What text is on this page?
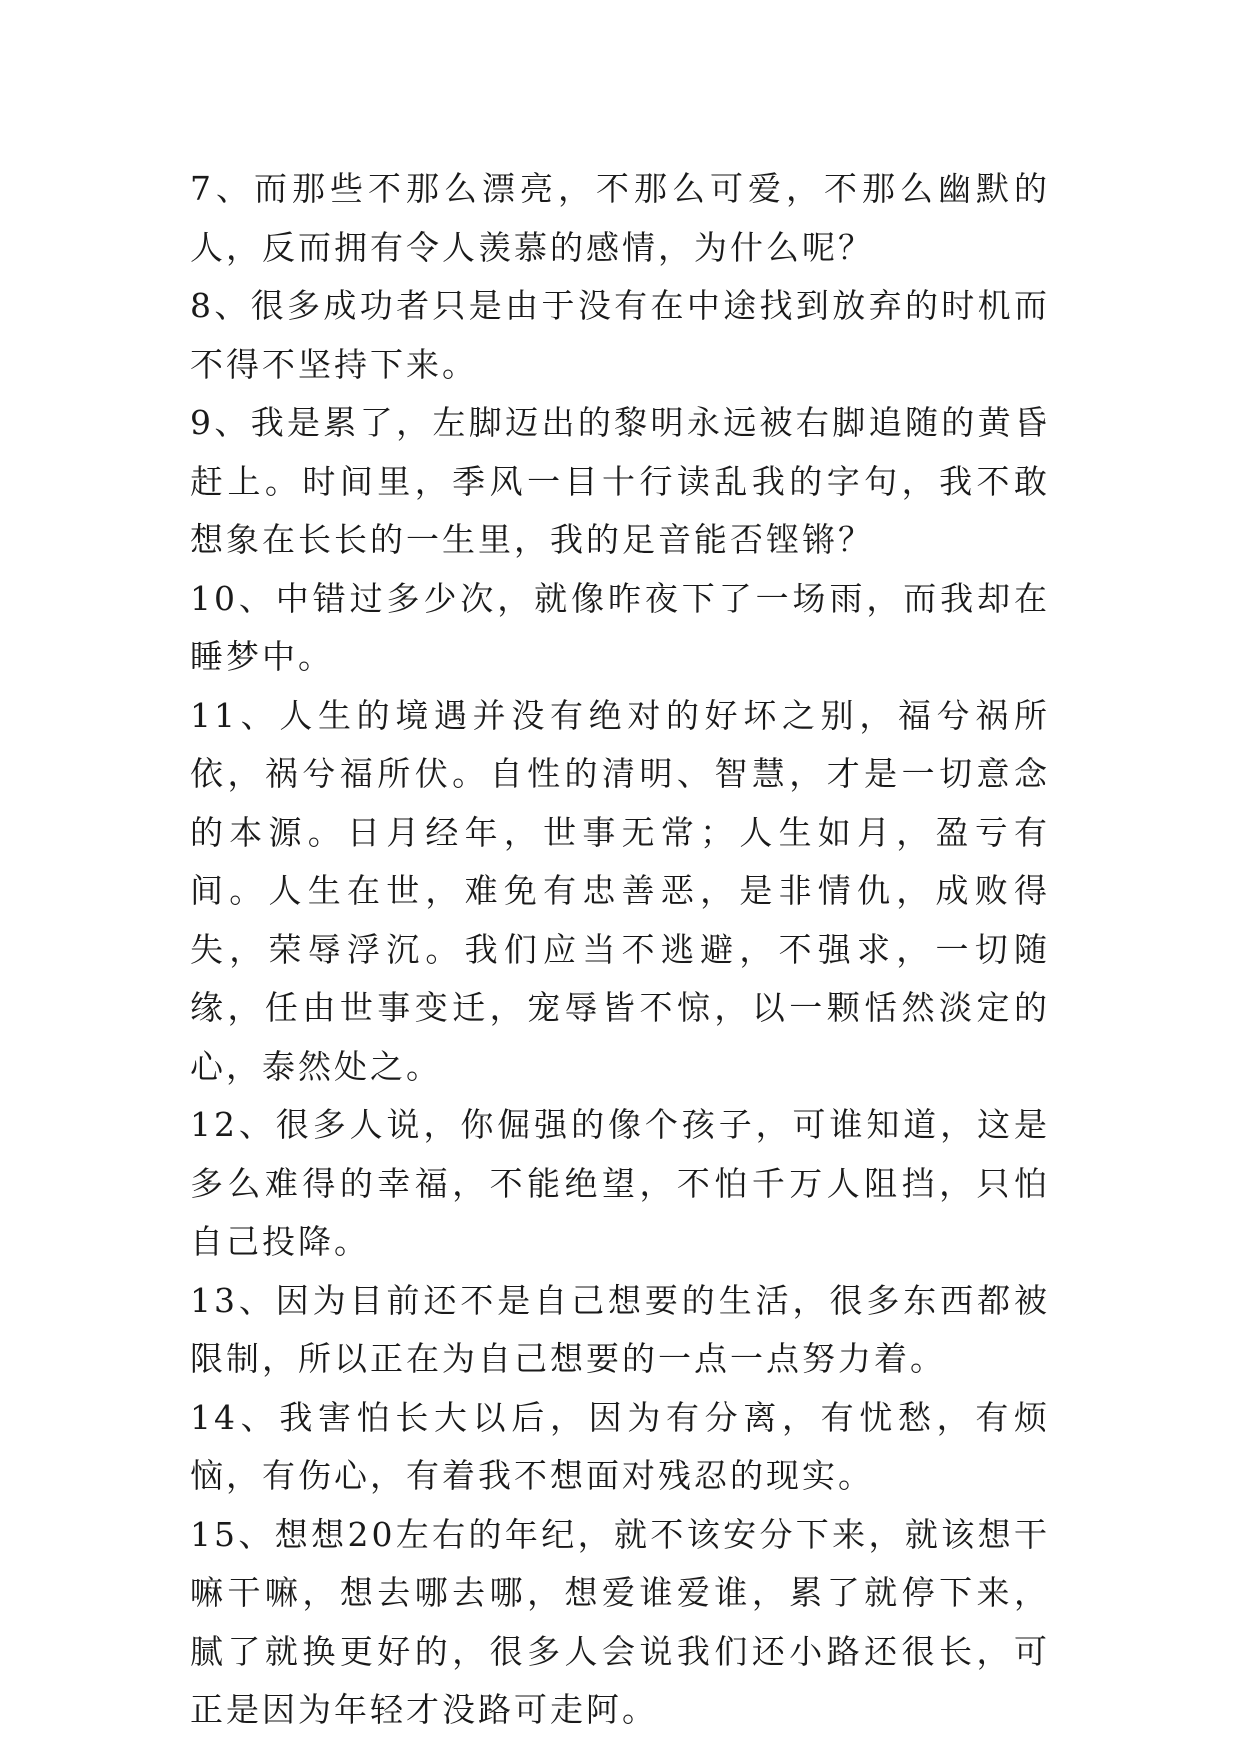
7、而那些不那么漂亮，不那么可爱，不那么幽默的人，反而拥有令人羡慕的感情，为什么呢？

8、很多成功者只是由于没有在中途找到放弃的时机而不得不坚持下来。

9、我是累了，左脚迈出的黎明永远被右脚追随的黄昏赶上。时间里，季风一目十行读乱我的字句，我不敢想象在长长的一生里，我的足音能否铿锵？

10、中错过多少次，就像昨夜下了一场雨，而我却在睡梦中。

11、人生的境遇并没有绝对的好坏之别，福兮祸所依，祸兮福所伏。自性的清明、智慧，才是一切意念的本源。日月经年，世事无常；人生如月，盈亏有间。人生在世，难免有忠善恶，是非情仇，成败得失，荣辱浮沉。我们应当不逃避，不强求，一切随缘，任由世事变迁，宠辱皆不惊，以一颗恬然淡定的心，泰然处之。

12、很多人说，你倔强的像个孩子，可谁知道，这是多么难得的幸福，不能绝望，不怕千万人阻挡，只怕自己投降。

13、因为目前还不是自己想要的生活，很多东西都被限制，所以正在为自己想要的一点一点努力着。

14、我害怕长大以后，因为有分离，有忧愁，有烦恼，有伤心，有着我不想面对残忍的现实。

15、想想20左右的年纪，就不该安分下来，就该想干嘛干嘛，想去哪去哪，想爱谁爱谁，累了就停下来，腻了就换更好的，很多人会说我们还小路还很长，可正是因为年轻才没路可走阿。
